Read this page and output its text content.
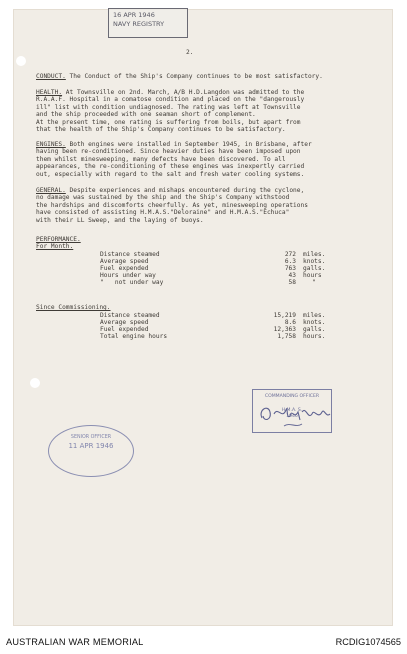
16 APR 1946
NAVY REGISTRY
2.
CONDUCT. The Conduct of the Ship's Company continues to be most satisfactory.
HEALTH. At Townsville on 2nd. March, A/B H.D.Langdon was admitted to the
R.A.A.F. Hospital in a comatose condition and placed on the "dangerously
ill" list with condition undiagnosed. The rating was left at Townsville
and the ship proceeded with one seaman short of complement.
At the present time, one rating is suffering from boils, but apart from
that the health of the Ship's Company continues to be satisfactory.
ENGINES. Both engines were installed in September 1945, in Brisbane, after
having been re-conditioned. Since heavier duties have been imposed upon
them whilst minesweeping, many defects have been discovered. To all
appearances, the re-conditioning of these engines was inexpertly carried
out, especially with regard to the salt and fresh water cooling systems.
GENERAL. Despite experiences and mishaps encountered during the cyclone,
no damage was sustained by the ship and the Ship's Company withstood
the hardships and discomforts cheerfully. As yet, minesweeping operations
have consisted of assisting H.M.A.S."Deloraine" and H.M.A.S."Echuca"
with their LL Sweep, and the laying of buoys.
PERFORMANCE.
For Month.
Distance steamed	272 miles.
Average speed	6.3 knots.
Fuel expended	763 galls.
Hours under way	43 hours
"   not under way	58	"
Since Commissioning.
Distance steamed	15,219 miles.
Average speed	8.6 knots.
Fuel expended	12,363 galls.
Total engine hours	1,758 hours.
COMMANDING OFFICER
H.M.A. S.
1946
SENIOR OFFICER
11 APR 1946
AUSTRALIAN WAR MEMORIAL	RCDIG1074565
